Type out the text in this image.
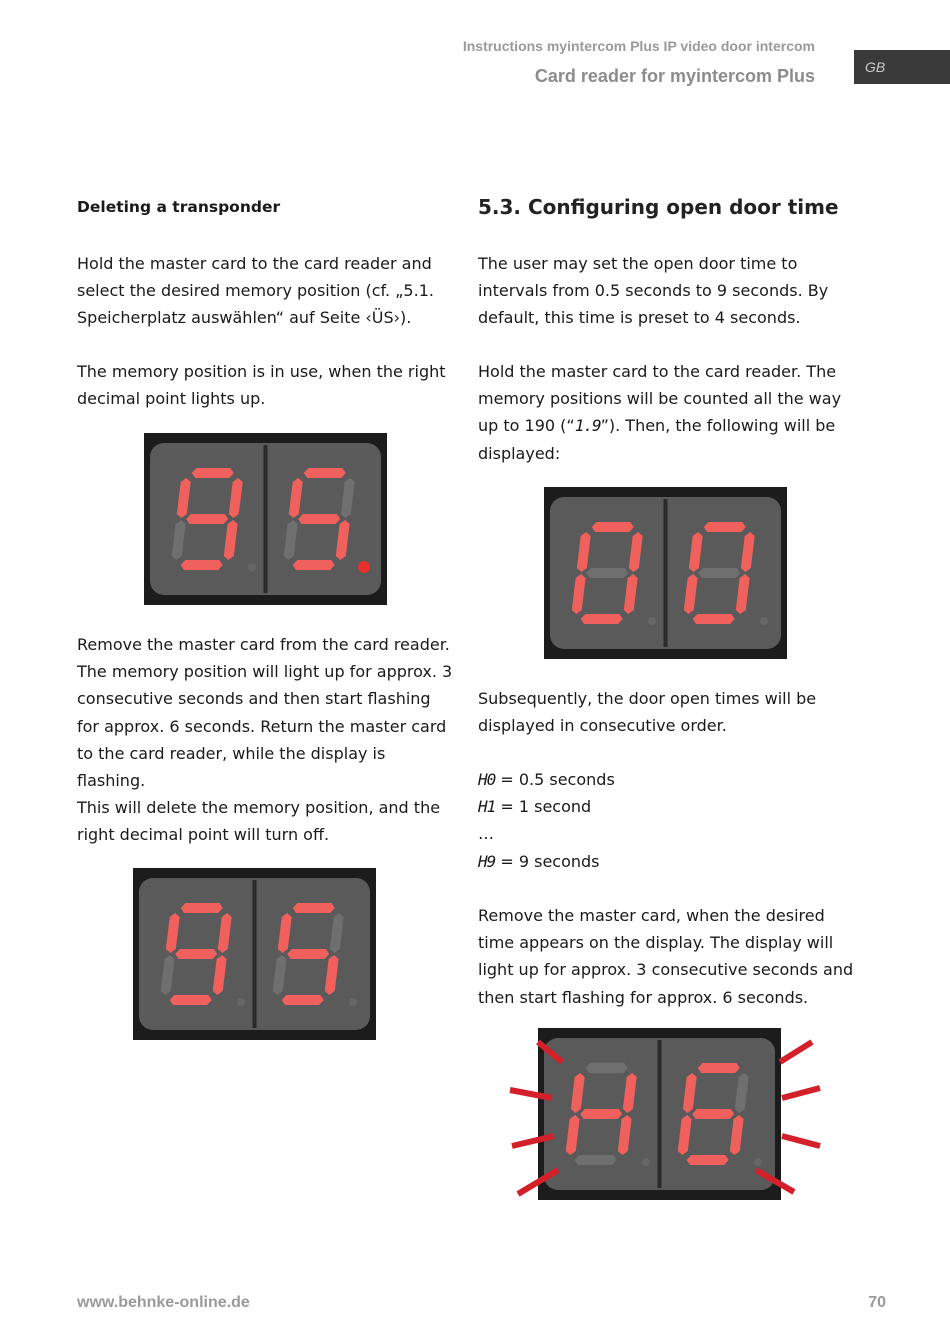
Instructions myintercom Plus IP video door intercom
Card reader for myintercom Plus	GB
Deleting a transponder

Hold the master card to the card reader and select the desired memory position (cf. „5.1. Speicherplatz auswählen“ auf Seite ‹ÜS›).

The memory position is in use, when the right decimal point lights up.

Remove the master card from the card reader. The memory position will light up for approx. 3 consecutive seconds and then start flashing for approx. 6 seconds. Return the master card to the card reader, while the display is flashing.

This will delete the memory position, and the right decimal point will turn off.

5.3. Configuring open door time

The user may set the open door time to intervals from 0.5 seconds to 9 seconds. By default, this time is preset to 4 seconds.

Hold the master card to the card reader. The memory positions will be counted all the way up to 190 (“1.9”). Then, the following will be displayed:

Subsequently, the door open times will be displayed in consecutive order.

H0 = 0.5 seconds

H1 = 1 second

…

H9 = 9 seconds

Remove the master card, when the desired time appears on the display. The display will light up for approx. 3 consecutive seconds and then start flashing for approx. 6 seconds.

www.behnke-online.de	70
